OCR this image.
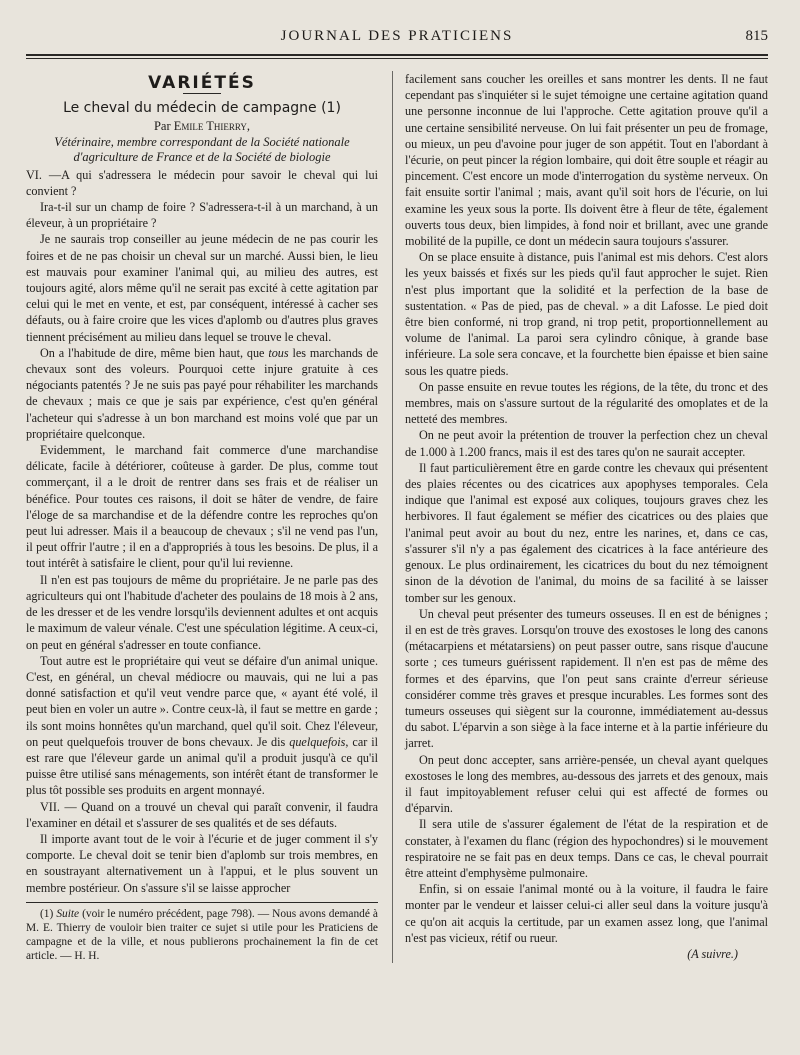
JOURNAL DES PRATICIENS	815
VARIÉTÉS
Le cheval du médecin de campagne (1)
Par Emile Thierry,
Vétérinaire, membre correspondant de la Société nationale
d'agriculture de France et de la Société de biologie

VI. —A qui s'adressera le médecin pour savoir le cheval qui lui convient ?

Ira-t-il sur un champ de foire ? S'adressera-t-il à un marchand, à un éleveur, à un propriétaire ?

Je ne saurais trop conseiller au jeune médecin de ne pas courir les foires et de ne pas choisir un cheval sur un marché. Aussi bien, le lieu est mauvais pour examiner l'animal qui, au milieu des autres, est toujours agité, alors même qu'il ne serait pas excité à cette agitation par celui qui le met en vente, et est, par conséquent, intéressé à cacher ses défauts, ou à faire croire que les vices d'aplomb ou d'autres plus graves tiennent précisément au milieu dans lequel se trouve le cheval.

On a l'habitude de dire, même bien haut, que tous les marchands de chevaux sont des voleurs. Pourquoi cette injure gratuite à ces négociants patentés ? Je ne suis pas payé pour réhabiliter les marchands de chevaux ; mais ce que je sais par expérience, c'est qu'en général l'acheteur qui s'adresse à un bon marchand est moins volé que par un propriétaire quelconque.

Evidemment, le marchand fait commerce d'une marchandise délicate, facile à détériorer, coûteuse à garder. De plus, comme tout commerçant, il a le droit de rentrer dans ses frais et de réaliser un bénéfice. Pour toutes ces raisons, il doit se hâter de vendre, de faire l'éloge de sa marchandise et de la défendre contre les reproches qu'on peut lui adresser. Mais il a beaucoup de chevaux ; s'il ne vend pas l'un, il peut offrir l'autre ; il en a d'appropriés à tous les besoins. De plus, il a tout intérêt à satisfaire le client, pour qu'il lui revienne.

Il n'en est pas toujours de même du propriétaire. Je ne parle pas des agriculteurs qui ont l'habitude d'acheter des poulains de 18 mois à 2 ans, de les dresser et de les vendre lorsqu'ils deviennent adultes et ont acquis le maximum de valeur vénale. C'est une spéculation légitime. A ceux-ci, on peut en général s'adresser en toute confiance.

Tout autre est le propriétaire qui veut se défaire d'un animal unique. C'est, en général, un cheval médiocre ou mauvais, qui ne lui a pas donné satisfaction et qu'il veut vendre parce que, « ayant été volé, il peut bien en voler un autre ». Contre ceux-là, il faut se mettre en garde ; ils sont moins honnêtes qu'un marchand, quel qu'il soit. Chez l'éleveur, on peut quelquefois trouver de bons chevaux. Je dis quelquefois, car il est rare que l'éleveur garde un animal qu'il a produit jusqu'à ce qu'il puisse être utilisé sans ménagements, son intérêt étant de transformer le plus tôt possible ses produits en argent monnayé.

VII. — Quand on a trouvé un cheval qui paraît convenir, il faudra l'examiner en détail et s'assurer de ses qualités et de ses défauts.

Il importe avant tout de le voir à l'écurie et de juger comment il s'y comporte. Le cheval doit se tenir bien d'aplomb sur trois membres, en en soustrayant alternativement un à l'appui, et le plus souvent un membre postérieur. On s'assure s'il se laisse approcher

(1) Suite (voir le numéro précédent, page 798). — Nous avons demandé à M. E. Thierry de vouloir bien traiter ce sujet si utile pour les Praticiens de campagne et de la ville, et nous publierons prochainement la fin de cet article. — H. H.

facilement sans coucher les oreilles et sans montrer les dents. Il ne faut cependant pas s'inquiéter si le sujet témoigne une certaine agitation quand une personne inconnue de lui l'approche. Cette agitation prouve qu'il a une certaine sensibilité nerveuse. On lui fait présenter un peu de fromage, ou mieux, un peu d'avoine pour juger de son appétit. Tout en l'abordant à l'écurie, on peut pincer la région lombaire, qui doit être souple et réagir au pincement. C'est encore un mode d'interrogation du système nerveux. On fait ensuite sortir l'animal ; mais, avant qu'il soit hors de l'écurie, on lui examine les yeux sous la porte. Ils doivent être à fleur de tête, également ouverts tous deux, bien limpides, à fond noir et brillant, avec une grande mobilité de la pupille, ce dont un médecin saura toujours s'assurer.

On se place ensuite à distance, puis l'animal est mis dehors. C'est alors les yeux baissés et fixés sur les pieds qu'il faut approcher le sujet. Rien n'est plus important que la solidité et la perfection de la base de sustentation. « Pas de pied, pas de cheval. » a dit Lafosse. Le pied doit être bien conformé, ni trop grand, ni trop petit, proportionnellement au volume de l'animal. La paroi sera cylindro cônique, à grande base inférieure. La sole sera concave, et la fourchette bien épaisse et bien saine sous les quatre pieds.

On passe ensuite en revue toutes les régions, de la tête, du tronc et des membres, mais on s'assure surtout de la régularité des omoplates et de la netteté des membres.

On ne peut avoir la prétention de trouver la perfection chez un cheval de 1.000 à 1.200 francs, mais il est des tares qu'on ne saurait accepter.

Il faut particulièrement être en garde contre les chevaux qui présentent des plaies récentes ou des cicatrices aux apophyses temporales. Cela indique que l'animal est exposé aux coliques, toujours graves chez les herbivores. Il faut également se méfier des cicatrices ou des plaies que l'animal peut avoir au bout du nez, entre les narines, et, dans ce cas, s'assurer s'il n'y a pas également des cicatrices à la face antérieure des genoux. Le plus ordinairement, les cicatrices du bout du nez témoignent sinon de la dévotion de l'animal, du moins de sa facilité à se laisser tomber sur les genoux.

Un cheval peut présenter des tumeurs osseuses. Il en est de bénignes ; il en est de très graves. Lorsqu'on trouve des exostoses le long des canons (métacarpiens et métatarsiens) on peut passer outre, sans risque d'aucune sorte ; ces tumeurs guérissent rapidement. Il n'en est pas de même des formes et des éparvins, que l'on peut sans crainte d'erreur sérieuse considérer comme très graves et presque incurables. Les formes sont des tumeurs osseuses qui siègent sur la couronne, immédiatement au-dessus du sabot. L'éparvin a son siège à la face interne et à la partie inférieure du jarret.

On peut donc accepter, sans arrière-pensée, un cheval ayant quelques exostoses le long des membres, au-dessous des jarrets et des genoux, mais il faut impitoyablement refuser celui qui est affecté de formes ou d'éparvin.

Il sera utile de s'assurer également de l'état de la respiration et de constater, à l'examen du flanc (région des hypochondres) si le mouvement respiratoire ne se fait pas en deux temps. Dans ce cas, le cheval pourrait être atteint d'emphysème pulmonaire.

Enfin, si on essaie l'animal monté ou à la voiture, il faudra le faire monter par le vendeur et laisser celui-ci aller seul dans la voiture jusqu'à ce qu'on ait acquis la certitude, par un examen assez long, que l'animal n'est pas vicieux, rétif ou rueur.

(A suivre.)
